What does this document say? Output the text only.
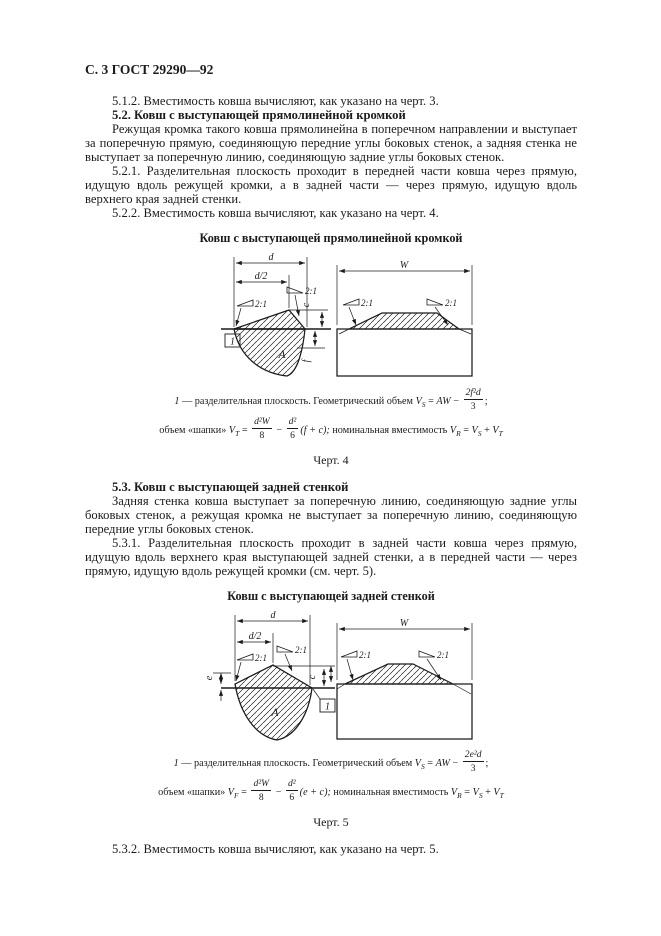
С. 3 ГОСТ 29290—92

5.1.2. Вместимость ковша вычисляют, как указано на черт. 3.

5.2. Ковш с выступающей прямолинейной кромкой

Режущая кромка такого ковша прямолинейна в поперечном направлении и выступает за поперечную прямую, соединяющую передние углы боковых стенок, а задняя стенка не выступает за поперечную линию, соединяющую задние углы боковых стенок.

5.2.1. Разделительная плоскость проходит в передней части ковша через прямую, идущую вдоль режущей кромки, а в задней части — через прямую, идущую вдоль верхнего края задней стенки.

5.2.2. Вместимость ковша вычисляют, как указано на черт. 4.

Ковш с выступающей прямолинейной кромкой
d
d/2
2:1
2:1
1
A
c
f
W
2:1	2:1
1 — разделительная плоскость. Геометрический объем $V_S$ = AW − $\frac{\text{2f²d}}{3}$ ;
объем «шапки» $V_T = \frac{\text{d²W}}{8} - \frac{\text{d²}}{6} (f + c)$; номинальная вместимость $V_R = V_S + V_T$
Черт. 4

5.3. Ковш с выступающей задней стенкой

Задняя стенка ковша выступает за поперечную линию, соединяющую задние углы боковых стенок, а режущая кромка не выступает за поперечную линию, соединяющую передние углы боковых стенок.

5.3.1. Разделительная плоскость проходит в задней части ковша через прямую, идущую вдоль верхнего края выступающей задней стенки, а в передней части — через прямую, идущую вдоль режущей кромки (см. черт. 5).

Ковш с выступающей задней стенкой
d
d/2
2:1
2:1
e	c
1
A
W
2:1	2:1
1 — разделительная плоскость. Геометрический объем $V_S$ = AW − $\frac{\text{2e²d}}{3}$ ;
объем «шапки» $V_F = \frac{\text{d²W}}{8} - \frac{\text{d²}}{6} (e + c)$; номинальная вместимость $V_R = V_S + V_T$
Черт. 5

5.3.2. Вместимость ковша вычисляют, как указано на черт. 5.
